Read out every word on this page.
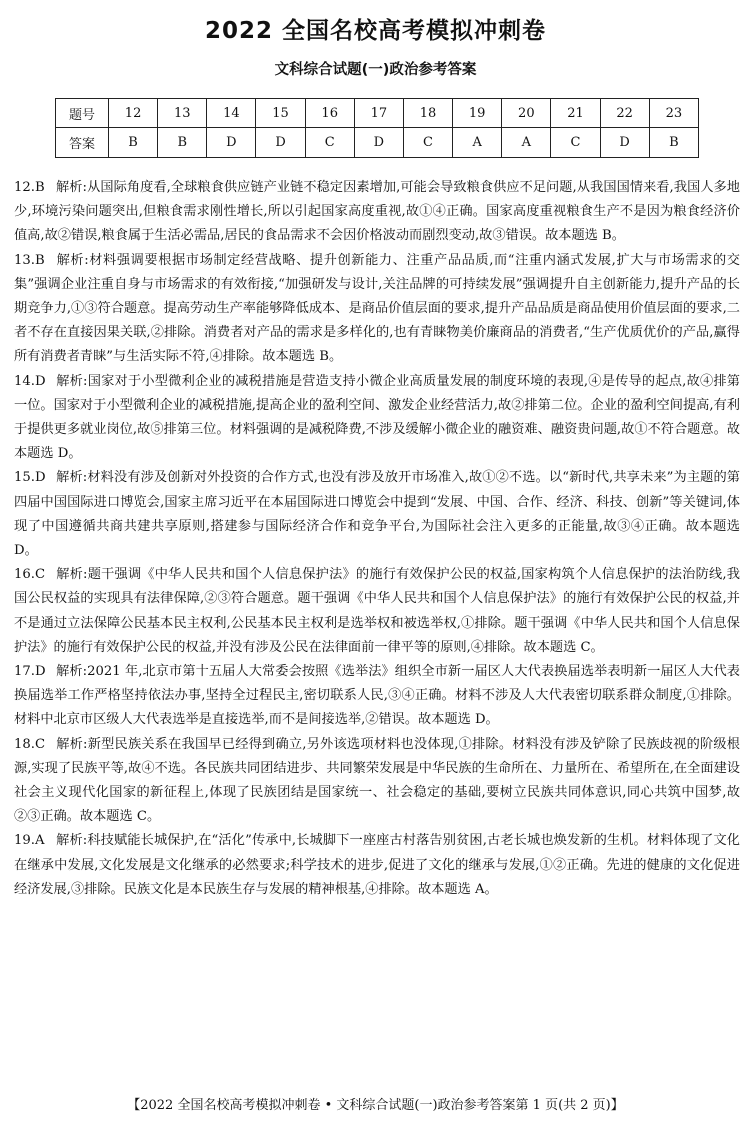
2022 全国名校高考模拟冲刺卷
文科综合试题(一)政治参考答案
题号	12	13	14	15	16	17	18	19	20	21	22	23
答案	B	B	D	D	C	D	C	A	A	C	D	B

12.B 解析:从国际角度看,全球粮食供应链产业链不稳定因素增加,可能会导致粮食供应不足问题,从我国国情来看,我国人多地少,环境污染问题突出,但粮食需求刚性增长,所以引起国家高度重视,故①④正确。国家高度重视粮食生产不是因为粮食经济价值高,故②错误,粮食属于生活必需品,居民的食品需求不会因价格波动而剧烈变动,故③错误。故本题选 B。

13.B 解析:材料强调要根据市场制定经营战略、提升创新能力、注重产品品质,而“注重内涵式发展,扩大与市场需求的交集”强调企业注重自身与市场需求的有效衔接,“加强研发与设计,关注品牌的可持续发展”强调提升自主创新能力,提升产品的长期竞争力,①③符合题意。提高劳动生产率能够降低成本、是商品价值层面的要求,提升产品品质是商品使用价值层面的要求,二者不存在直接因果关联,②排除。消费者对产品的需求是多样化的,也有青睐物美价廉商品的消费者,“生产优质优价的产品,赢得所有消费者青睐”与生活实际不符,④排除。故本题选 B。

14.D 解析:国家对于小型微利企业的减税措施是营造支持小微企业高质量发展的制度环境的表现,④是传导的起点,故④排第一位。国家对于小型微利企业的减税措施,提高企业的盈利空间、激发企业经营活力,故②排第二位。企业的盈利空间提高,有利于提供更多就业岗位,故⑤排第三位。材料强调的是减税降费,不涉及缓解小微企业的融资难、融资贵问题,故①不符合题意。故本题选 D。

15.D 解析:材料没有涉及创新对外投资的合作方式,也没有涉及放开市场准入,故①②不选。以“新时代,共享未来”为主题的第四届中国国际进口博览会,国家主席习近平在本届国际进口博览会中提到“发展、中国、合作、经济、科技、创新”等关键词,体现了中国遵循共商共建共享原则,搭建参与国际经济合作和竞争平台,为国际社会注入更多的正能量,故③④正确。故本题选 D。

16.C 解析:题干强调《中华人民共和国个人信息保护法》的施行有效保护公民的权益,国家构筑个人信息保护的法治防线,我国公民权益的实现具有法律保障,②③符合题意。题干强调《中华人民共和国个人信息保护法》的施行有效保护公民的权益,并不是通过立法保障公民基本民主权利,公民基本民主权利是选举权和被选举权,①排除。题干强调《中华人民共和国个人信息保护法》的施行有效保护公民的权益,并没有涉及公民在法律面前一律平等的原则,④排除。故本题选 C。

17.D 解析:2021 年,北京市第十五届人大常委会按照《选举法》组织全市新一届区人大代表换届选举表明新一届区人大代表换届选举工作严格坚持依法办事,坚持全过程民主,密切联系人民,③④正确。材料不涉及人大代表密切联系群众制度,①排除。材料中北京市区级人大代表选举是直接选举,而不是间接选举,②错误。故本题选 D。

18.C 解析:新型民族关系在我国早已经得到确立,另外该选项材料也没体现,①排除。材料没有涉及铲除了民族歧视的阶级根源,实现了民族平等,故④不选。各民族共同团结进步、共同繁荣发展是中华民族的生命所在、力量所在、希望所在,在全面建设社会主义现代化国家的新征程上,体现了民族团结是国家统一、社会稳定的基础,要树立民族共同体意识,同心共筑中国梦,故②③正确。故本题选 C。

19.A 解析:科技赋能长城保护,在“活化”传承中,长城脚下一座座古村落告别贫困,古老长城也焕发新的生机。材料体现了文化在继承中发展,文化发展是文化继承的必然要求;科学技术的进步,促进了文化的继承与发展,①②正确。先进的健康的文化促进经济发展,③排除。民族文化是本民族生存与发展的精神根基,④排除。故本题选 A。

【2022 全国名校高考模拟冲刺卷 • 文科综合试题(一)政治参考答案第 1 页(共 2 页)】
